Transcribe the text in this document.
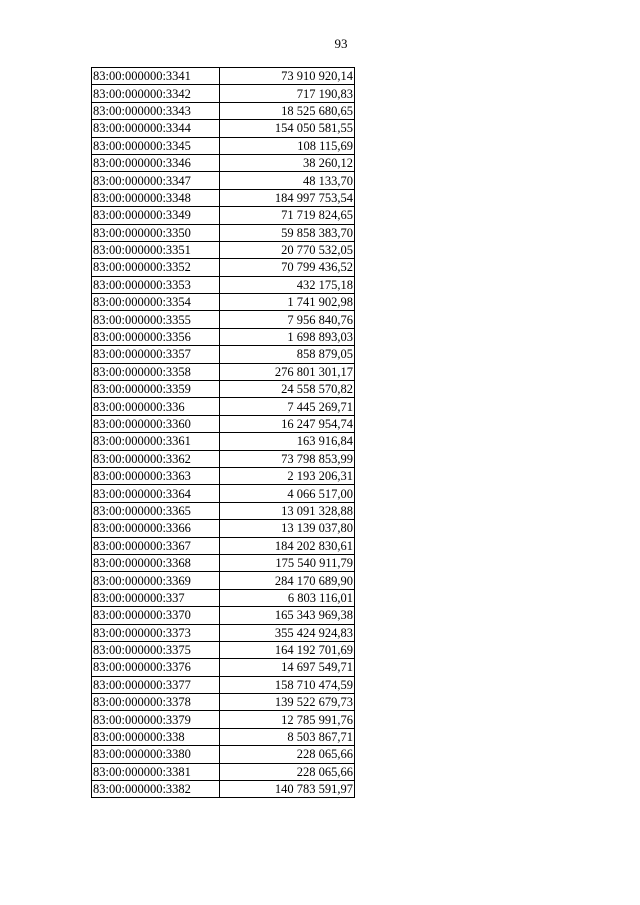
93
83:00:000000:3341	73 910 920,14
83:00:000000:3342	717 190,83
83:00:000000:3343	18 525 680,65
83:00:000000:3344	154 050 581,55
83:00:000000:3345	108 115,69
83:00:000000:3346	38 260,12
83:00:000000:3347	48 133,70
83:00:000000:3348	184 997 753,54
83:00:000000:3349	71 719 824,65
83:00:000000:3350	59 858 383,70
83:00:000000:3351	20 770 532,05
83:00:000000:3352	70 799 436,52
83:00:000000:3353	432 175,18
83:00:000000:3354	1 741 902,98
83:00:000000:3355	7 956 840,76
83:00:000000:3356	1 698 893,03
83:00:000000:3357	858 879,05
83:00:000000:3358	276 801 301,17
83:00:000000:3359	24 558 570,82
83:00:000000:336	7 445 269,71
83:00:000000:3360	16 247 954,74
83:00:000000:3361	163 916,84
83:00:000000:3362	73 798 853,99
83:00:000000:3363	2 193 206,31
83:00:000000:3364	4 066 517,00
83:00:000000:3365	13 091 328,88
83:00:000000:3366	13 139 037,80
83:00:000000:3367	184 202 830,61
83:00:000000:3368	175 540 911,79
83:00:000000:3369	284 170 689,90
83:00:000000:337	6 803 116,01
83:00:000000:3370	165 343 969,38
83:00:000000:3373	355 424 924,83
83:00:000000:3375	164 192 701,69
83:00:000000:3376	14 697 549,71
83:00:000000:3377	158 710 474,59
83:00:000000:3378	139 522 679,73
83:00:000000:3379	12 785 991,76
83:00:000000:338	8 503 867,71
83:00:000000:3380	228 065,66
83:00:000000:3381	228 065,66
83:00:000000:3382	140 783 591,97
